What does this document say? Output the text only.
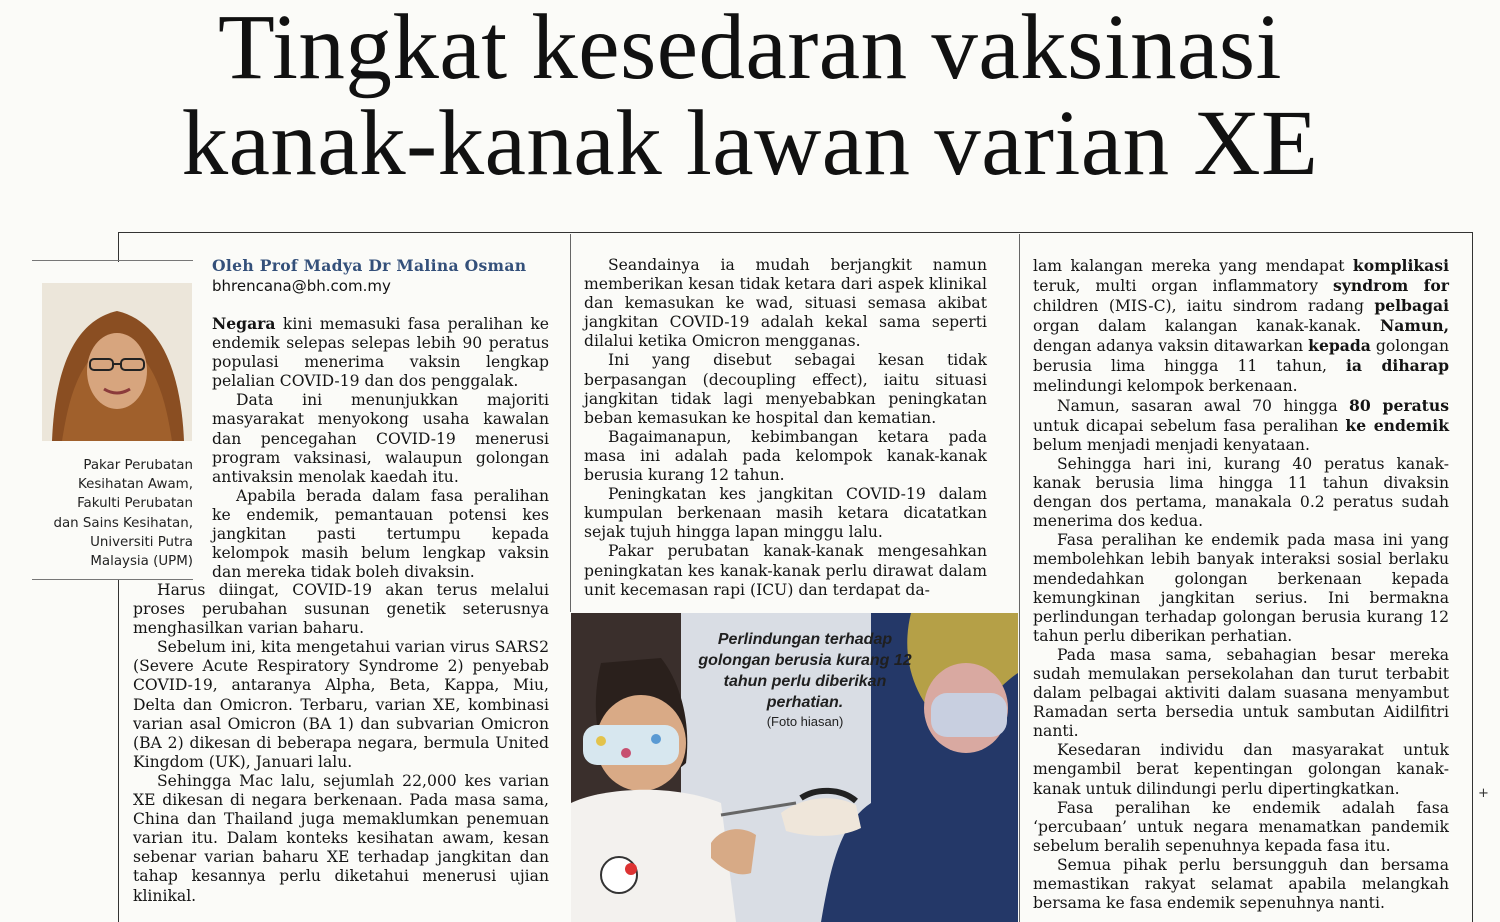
Tingkat kesedaran vaksinasi
kanak-kanak lawan varian XE
Pakar Perubatan
Kesihatan Awam,
Fakulti Perubatan
dan Sains Kesihatan,
Universiti Putra
Malaysia (UPM)
Oleh Prof Madya Dr Malina Osman
bhrencana@bh.com.my

Negara kini memasuki fasa peralihan ke endemik selepas selepas lebih 90 peratus populasi menerima vaksin lengkap pelalian COVID-19 dan dos penggalak.

Data ini menunjukkan majoriti masyarakat menyokong usaha kawalan dan pencegahan COVID-19 menerusi program vaksinasi, walaupun golongan antivaksin menolak kaedah itu.

Apabila berada dalam fasa peralihan ke endemik, pemantauan potensi kes jangkitan pasti tertumpu kepada kelompok masih belum lengkap vaksin dan mereka tidak boleh divaksin.

Harus diingat, COVID-19 akan terus melalui proses perubahan susunan genetik seterusnya menghasilkan varian baharu.

Sebelum ini, kita mengetahui varian virus SARS2 (Severe Acute Respiratory Syndrome 2) penyebab COVID-19, antaranya Alpha, Beta, Kappa, Miu, Delta dan Omicron. Terbaru, varian XE, kombinasi varian asal Omicron (BA 1) dan subvarian Omicron (BA 2) dikesan di beberapa negara, bermula United Kingdom (UK), Januari lalu.

Sehingga Mac lalu, sejumlah 22,000 kes varian XE dikesan di negara berkenaan. Pada masa sama, China dan Thailand juga memaklumkan penemuan varian itu. Dalam konteks kesihatan awam, kesan sebenar varian baharu XE terhadap jangkitan dan tahap kesannya perlu diketahui menerusi ujian klinikal.

Seandainya ia mudah berjangkit namun memberikan kesan tidak ketara dari aspek klinikal dan kemasukan ke wad, situasi semasa akibat jangkitan COVID-19 adalah kekal sama seperti dilalui ketika Omicron mengganas.

Ini yang disebut sebagai kesan tidak berpasangan (decoupling effect), iaitu situasi jangkitan tidak lagi menyebabkan peningkatan beban kemasukan ke hospital dan kematian.

Bagaimanapun, kebimbangan ketara pada masa ini adalah pada kelompok kanak-kanak berusia kurang 12 tahun.

Peningkatan kes jangkitan COVID-19 dalam kumpulan berkenaan masih ketara dicatatkan sejak tujuh hingga lapan minggu lalu.

Pakar perubatan kanak-kanak mengesahkan peningkatan kes kanak-kanak perlu dirawat dalam unit kecemasan rapi (ICU) dan terdapat da-

Perlindungan terhadap golongan berusia kurang 12 tahun perlu diberikan perhatian.
(Foto hiasan)

lam kalangan mereka yang mendapat komplikasi teruk, multi organ inflammatory syndrom for children (MIS-C), iaitu sindrom radang pelbagai organ dalam kalangan kanak-kanak. Namun, dengan adanya vaksin ditawarkan kepada golongan berusia lima hingga 11 tahun, ia diharap melindungi kelompok berkenaan.

Namun, sasaran awal 70 hingga 80 peratus untuk dicapai sebelum fasa peralihan ke endemik belum menjadi menjadi kenyataan.

Sehingga hari ini, kurang 40 peratus kanak-kanak berusia lima hingga 11 tahun divaksin dengan dos pertama, manakala 0.2 peratus sudah menerima dos kedua.

Fasa peralihan ke endemik pada masa ini yang membolehkan lebih banyak interaksi sosial berlaku mendedahkan golongan berkenaan kepada kemungkinan jangkitan serius. Ini bermakna perlindungan terhadap golongan berusia kurang 12 tahun perlu diberikan perhatian.

Pada masa sama, sebahagian besar mereka sudah memulakan persekolahan dan turut terbabit dalam pelbagai aktiviti dalam suasana menyambut Ramadan serta bersedia untuk sambutan Aidilfitri nanti.

Kesedaran individu dan masyarakat untuk mengambil berat kepentingan golongan kanak-kanak untuk dilindungi perlu dipertingkatkan.

Fasa peralihan ke endemik adalah fasa ‘percubaan’ untuk negara menamatkan pandemik sebelum beralih sepenuhnya kepada fasa itu.

Semua pihak perlu bersungguh dan bersama memastikan rakyat selamat apabila melangkah bersama ke fasa endemik sepenuhnya nanti.

+
